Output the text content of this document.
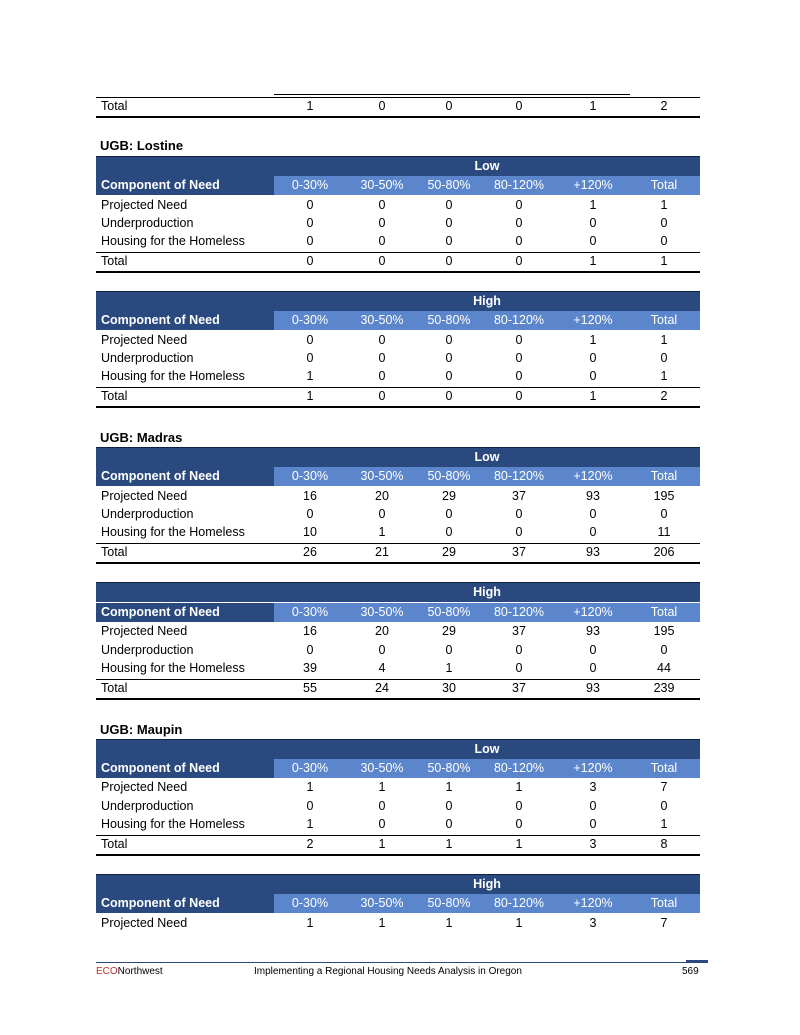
Total	1	0	0	0	1	2
UGB: Lostine
Low
Component of Need	0-30%	30-50%	50-80%	80-120%	+120%	Total
Projected Need	0	0	0	0	1	1
Underproduction	0	0	0	0	0	0
Housing for the Homeless	0	0	0	0	0	0
Total	0	0	0	0	1	1
High
Component of Need	0-30%	30-50%	50-80%	80-120%	+120%	Total
Projected Need	0	0	0	0	1	1
Underproduction	0	0	0	0	0	0
Housing for the Homeless	1	0	0	0	0	1
Total	1	0	0	0	1	2
UGB: Madras
Low
Component of Need	0-30%	30-50%	50-80%	80-120%	+120%	Total
Projected Need	16	20	29	37	93	195
Underproduction	0	0	0	0	0	0
Housing for the Homeless	10	1	0	0	0	11
Total	26	21	29	37	93	206
High
Component of Need	0-30%	30-50%	50-80%	80-120%	+120%	Total
Projected Need	16	20	29	37	93	195
Underproduction	0	0	0	0	0	0
Housing for the Homeless	39	4	1	0	0	44
Total	55	24	30	37	93	239
UGB: Maupin
Low
Component of Need	0-30%	30-50%	50-80%	80-120%	+120%	Total
Projected Need	1	1	1	1	3	7
Underproduction	0	0	0	0	0	0
Housing for the Homeless	1	0	0	0	0	1
Total	2	1	1	1	3	8
High
Component of Need	0-30%	30-50%	50-80%	80-120%	+120%	Total
Projected Need	1	1	1	1	3	7
ECONorthwest	Implementing a Regional Housing Needs Analysis in Oregon	569
